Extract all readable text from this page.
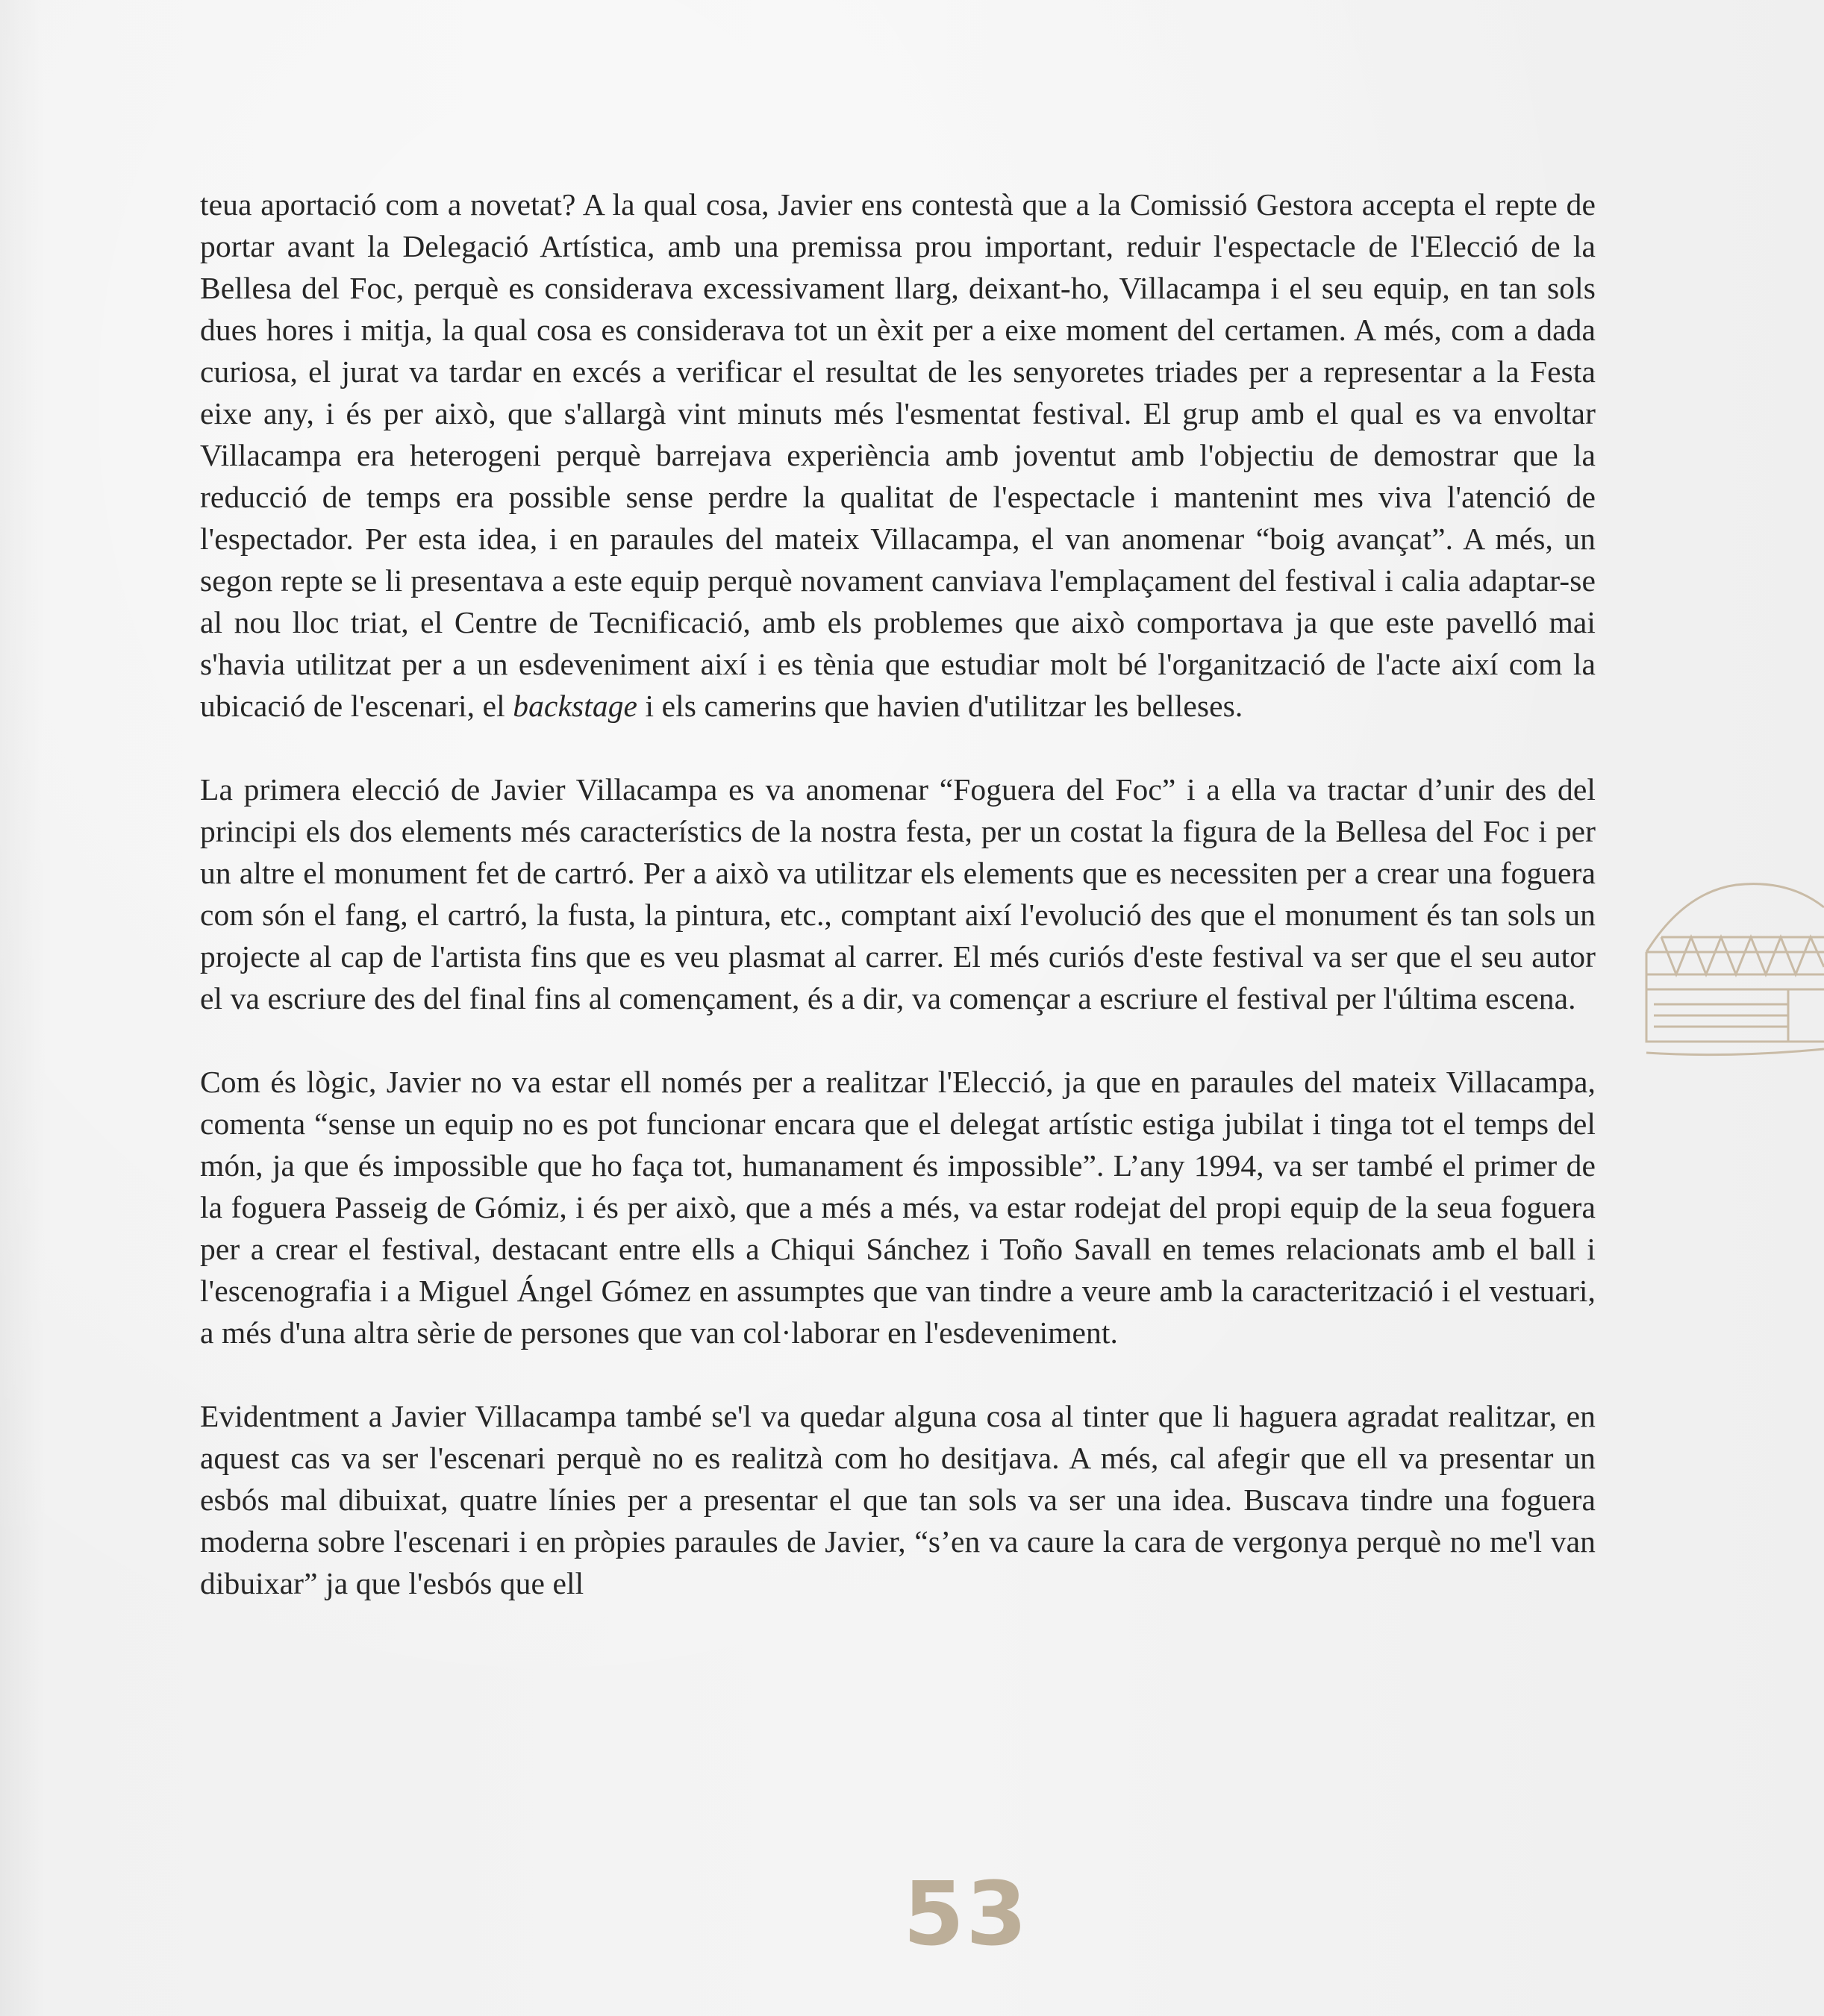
teua aportació com a novetat? A la qual cosa, Javier ens contestà que a la Comissió Gestora accepta el repte de portar avant la Delegació Artística, amb una premissa prou important, reduir l'espectacle de l'Elecció de la Bellesa del Foc, perquè es considerava excessivament llarg, deixant-ho, Villacampa i el seu equip, en tan sols dues hores i mitja, la qual cosa es considerava tot un èxit per a eixe moment del certamen. A més, com a dada curiosa, el jurat va tardar en excés a verificar el resultat de les senyoretes triades per a representar a la Festa eixe any, i és per això, que s'allargà vint minuts més l'esmentat festival. El grup amb el qual es va envoltar Villacampa era heterogeni perquè barrejava experiència amb joventut amb l'objectiu de demostrar que la reducció de temps era possible sense perdre la qualitat de l'espectacle i mantenint mes viva l'atenció de l'espectador. Per esta idea, i en paraules del mateix Villacampa, el van anomenar “boig avançat”. A més, un segon repte se li presentava a este equip perquè novament canviava l'emplaçament del festival i calia adaptar-se al nou lloc triat, el Centre de Tecnificació, amb els problemes que això comportava ja que este pavelló mai s'havia utilitzat per a un esdeveniment així i es tènia que estudiar molt bé l'organització de l'acte així com la ubicació de l'escenari, el backstage i els camerins que havien d'utilitzar les belleses.

La primera elecció de Javier Villacampa es va anomenar “Foguera del Foc” i a ella va tractar d’unir des del principi els dos elements més característics de la nostra festa, per un costat la figura de la Bellesa del Foc i per un altre el monument fet de cartró. Per a això va utilitzar els elements que es necessiten per a crear una foguera com són el fang, el cartró, la fusta, la pintura, etc., comptant així l'evolució des que el monument és tan sols un projecte al cap de l'artista fins que es veu plasmat al carrer. El més curiós d'este festival va ser que el seu autor el va escriure des del final fins al començament, és a dir, va començar a escriure el festival per l'última escena.

Com és lògic, Javier no va estar ell només per a realitzar l'Elecció, ja que en paraules del mateix Villacampa, comenta “sense un equip no es pot funcionar encara que el delegat artístic estiga jubilat i tinga tot el temps del món, ja que és impossible que ho faça tot, humanament és impossible”. L’any 1994, va ser també el primer de la foguera Passeig de Gómiz, i és per això, que a més a més, va estar rodejat del propi equip de la seua foguera per a crear el festival, destacant entre ells a Chiqui Sánchez i Toño Savall en temes relacionats amb el ball i l'escenografia i a Miguel Ángel Gómez en assumptes que van tindre a veure amb la caracterització i el vestuari, a més d'una altra sèrie de persones que van col·laborar en l'esdeveniment.

Evidentment a Javier Villacampa també se'l va quedar alguna cosa al tinter que li haguera agradat realitzar, en aquest cas va ser l'escenari perquè no es realitzà com ho desitjava. A més, cal afegir que ell va presentar un esbós mal dibuixat, quatre línies per a presentar el que tan sols va ser una idea. Buscava tindre una foguera moderna sobre l'escenari i en pròpies paraules de Javier, “s’en va caure la cara de vergonya perquè no me'l van dibuixar” ja que l'esbós que ell

53
